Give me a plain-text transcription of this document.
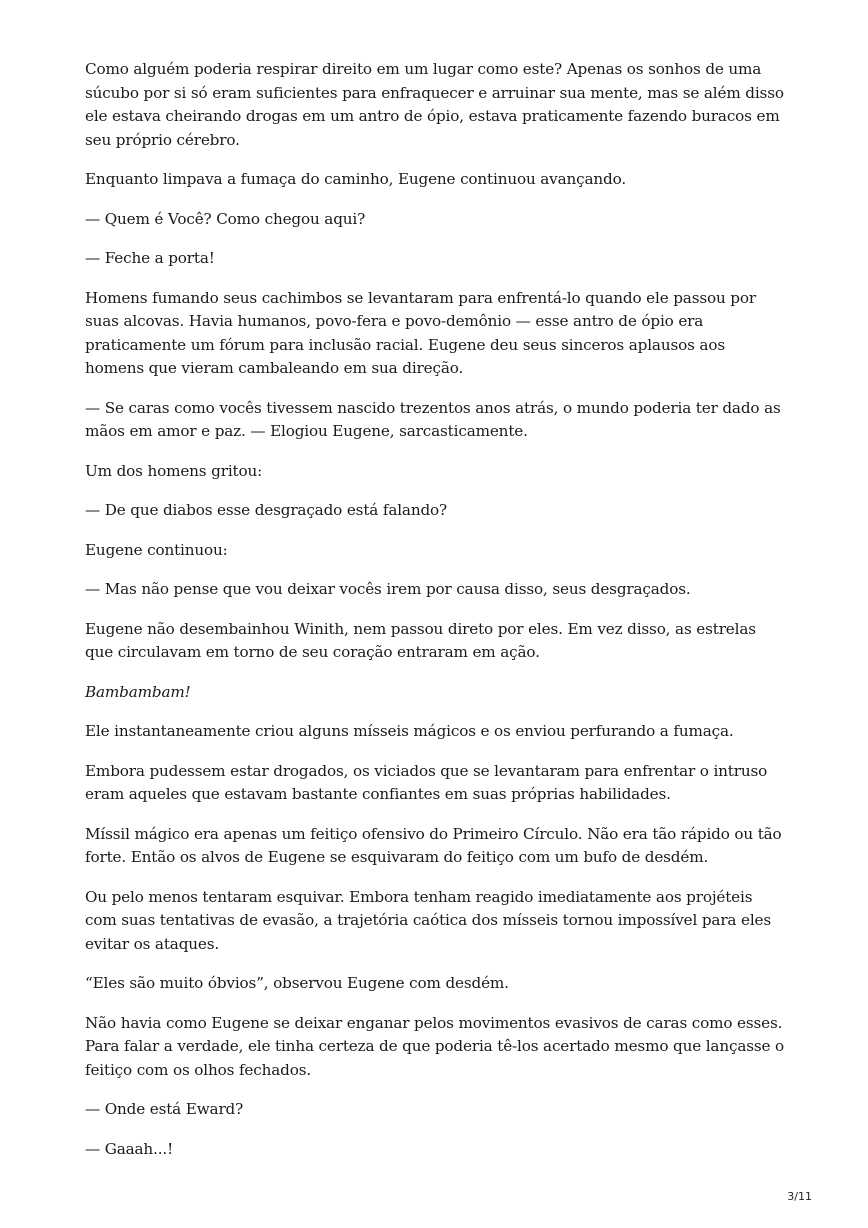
Como alguém poderia respirar direito em um lugar como este? Apenas os sonhos de uma súcubo por si só eram suficientes para enfraquecer e arruinar sua mente, mas se além disso ele estava cheirando drogas em um antro de ópio, estava praticamente fazendo buracos em seu próprio cérebro.

Enquanto limpava a fumaça do caminho, Eugene continuou avançando.

— Quem é Você? Como chegou aqui?

— Feche a porta!

Homens fumando seus cachimbos se levantaram para enfrentá-lo quando ele passou por suas alcovas. Havia humanos, povo-fera e povo-demônio — esse antro de ópio era praticamente um fórum para inclusão racial. Eugene deu seus sinceros aplausos aos homens que vieram cambaleando em sua direção.

— Se caras como vocês tivessem nascido trezentos anos atrás, o mundo poderia ter dado as mãos em amor e paz. — Elogiou Eugene, sarcasticamente.

Um dos homens gritou:

— De que diabos esse desgraçado está falando?

Eugene continuou:

— Mas não pense que vou deixar vocês irem por causa disso, seus desgraçados.

Eugene não desembainhou Winith, nem passou direto por eles. Em vez disso, as estrelas que circulavam em torno de seu coração entraram em ação.

Bambambam!

Ele instantaneamente criou alguns mísseis mágicos e os enviou perfurando a fumaça.

Embora pudessem estar drogados, os viciados que se levantaram para enfrentar o intruso eram aqueles que estavam bastante confiantes em suas próprias habilidades.

Míssil mágico era apenas um feitiço ofensivo do Primeiro Círculo. Não era tão rápido ou tão forte. Então os alvos de Eugene se esquivaram do feitiço com um bufo de desdém.

Ou pelo menos tentaram esquivar. Embora tenham reagido imediatamente aos projéteis com suas tentativas de evasão, a trajetória caótica dos mísseis tornou impossível para eles evitar os ataques.

“Eles são muito óbvios”, observou Eugene com desdém.

Não havia como Eugene se deixar enganar pelos movimentos evasivos de caras como esses. Para falar a verdade, ele tinha certeza de que poderia tê-los acertado mesmo que lançasse o feitiço com os olhos fechados.

— Onde está Eward?

— Gaaah...!

3/11
